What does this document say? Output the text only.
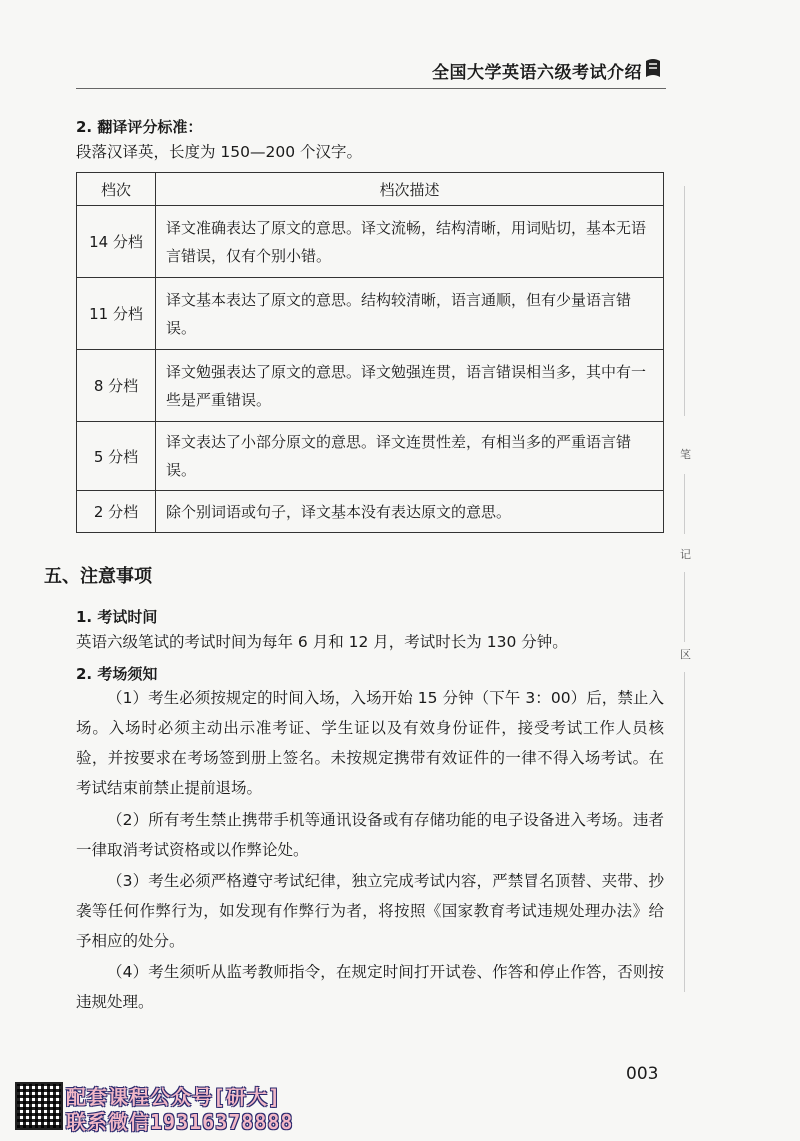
全国大学英语六级考试介绍
2. 翻译评分标准：
段落汉译英，长度为 150—200 个汉字。
档次	档次描述
14 分档	译文准确表达了原文的意思。译文流畅，结构清晰，用词贴切，基本无语言错误，仅有个别小错。
11 分档	译文基本表达了原文的意思。结构较清晰，语言通顺，但有少量语言错误。
8 分档	译文勉强表达了原文的意思。译文勉强连贯，语言错误相当多，其中有一些是严重错误。
5 分档	译文表达了小部分原文的意思。译文连贯性差，有相当多的严重语言错误。
2 分档	除个别词语或句子，译文基本没有表达原文的意思。
五、注意事项
1. 考试时间
英语六级笔试的考试时间为每年 6 月和 12 月，考试时长为 130 分钟。
2. 考场须知
（1）考生必须按规定的时间入场，入场开始 15 分钟（下午 3：00）后，禁止入场。入场时必须主动出示准考证、学生证以及有效身份证件，接受考试工作人员核验，并按要求在考场签到册上签名。未按规定携带有效证件的一律不得入场考试。在考试结束前禁止提前退场。
（2）所有考生禁止携带手机等通讯设备或有存储功能的电子设备进入考场。违者一律取消考试资格或以作弊论处。
（3）考生必须严格遵守考试纪律，独立完成考试内容，严禁冒名顶替、夹带、抄袭等任何作弊行为，如发现有作弊行为者，将按照《国家教育考试违规处理办法》给予相应的处分。
（4）考生须听从监考教师指令，在规定时间打开试卷、作答和停止作答，否则按违规处理。
笔
记
区
003
配套课程公众号[研大]
联系微信19316378888
